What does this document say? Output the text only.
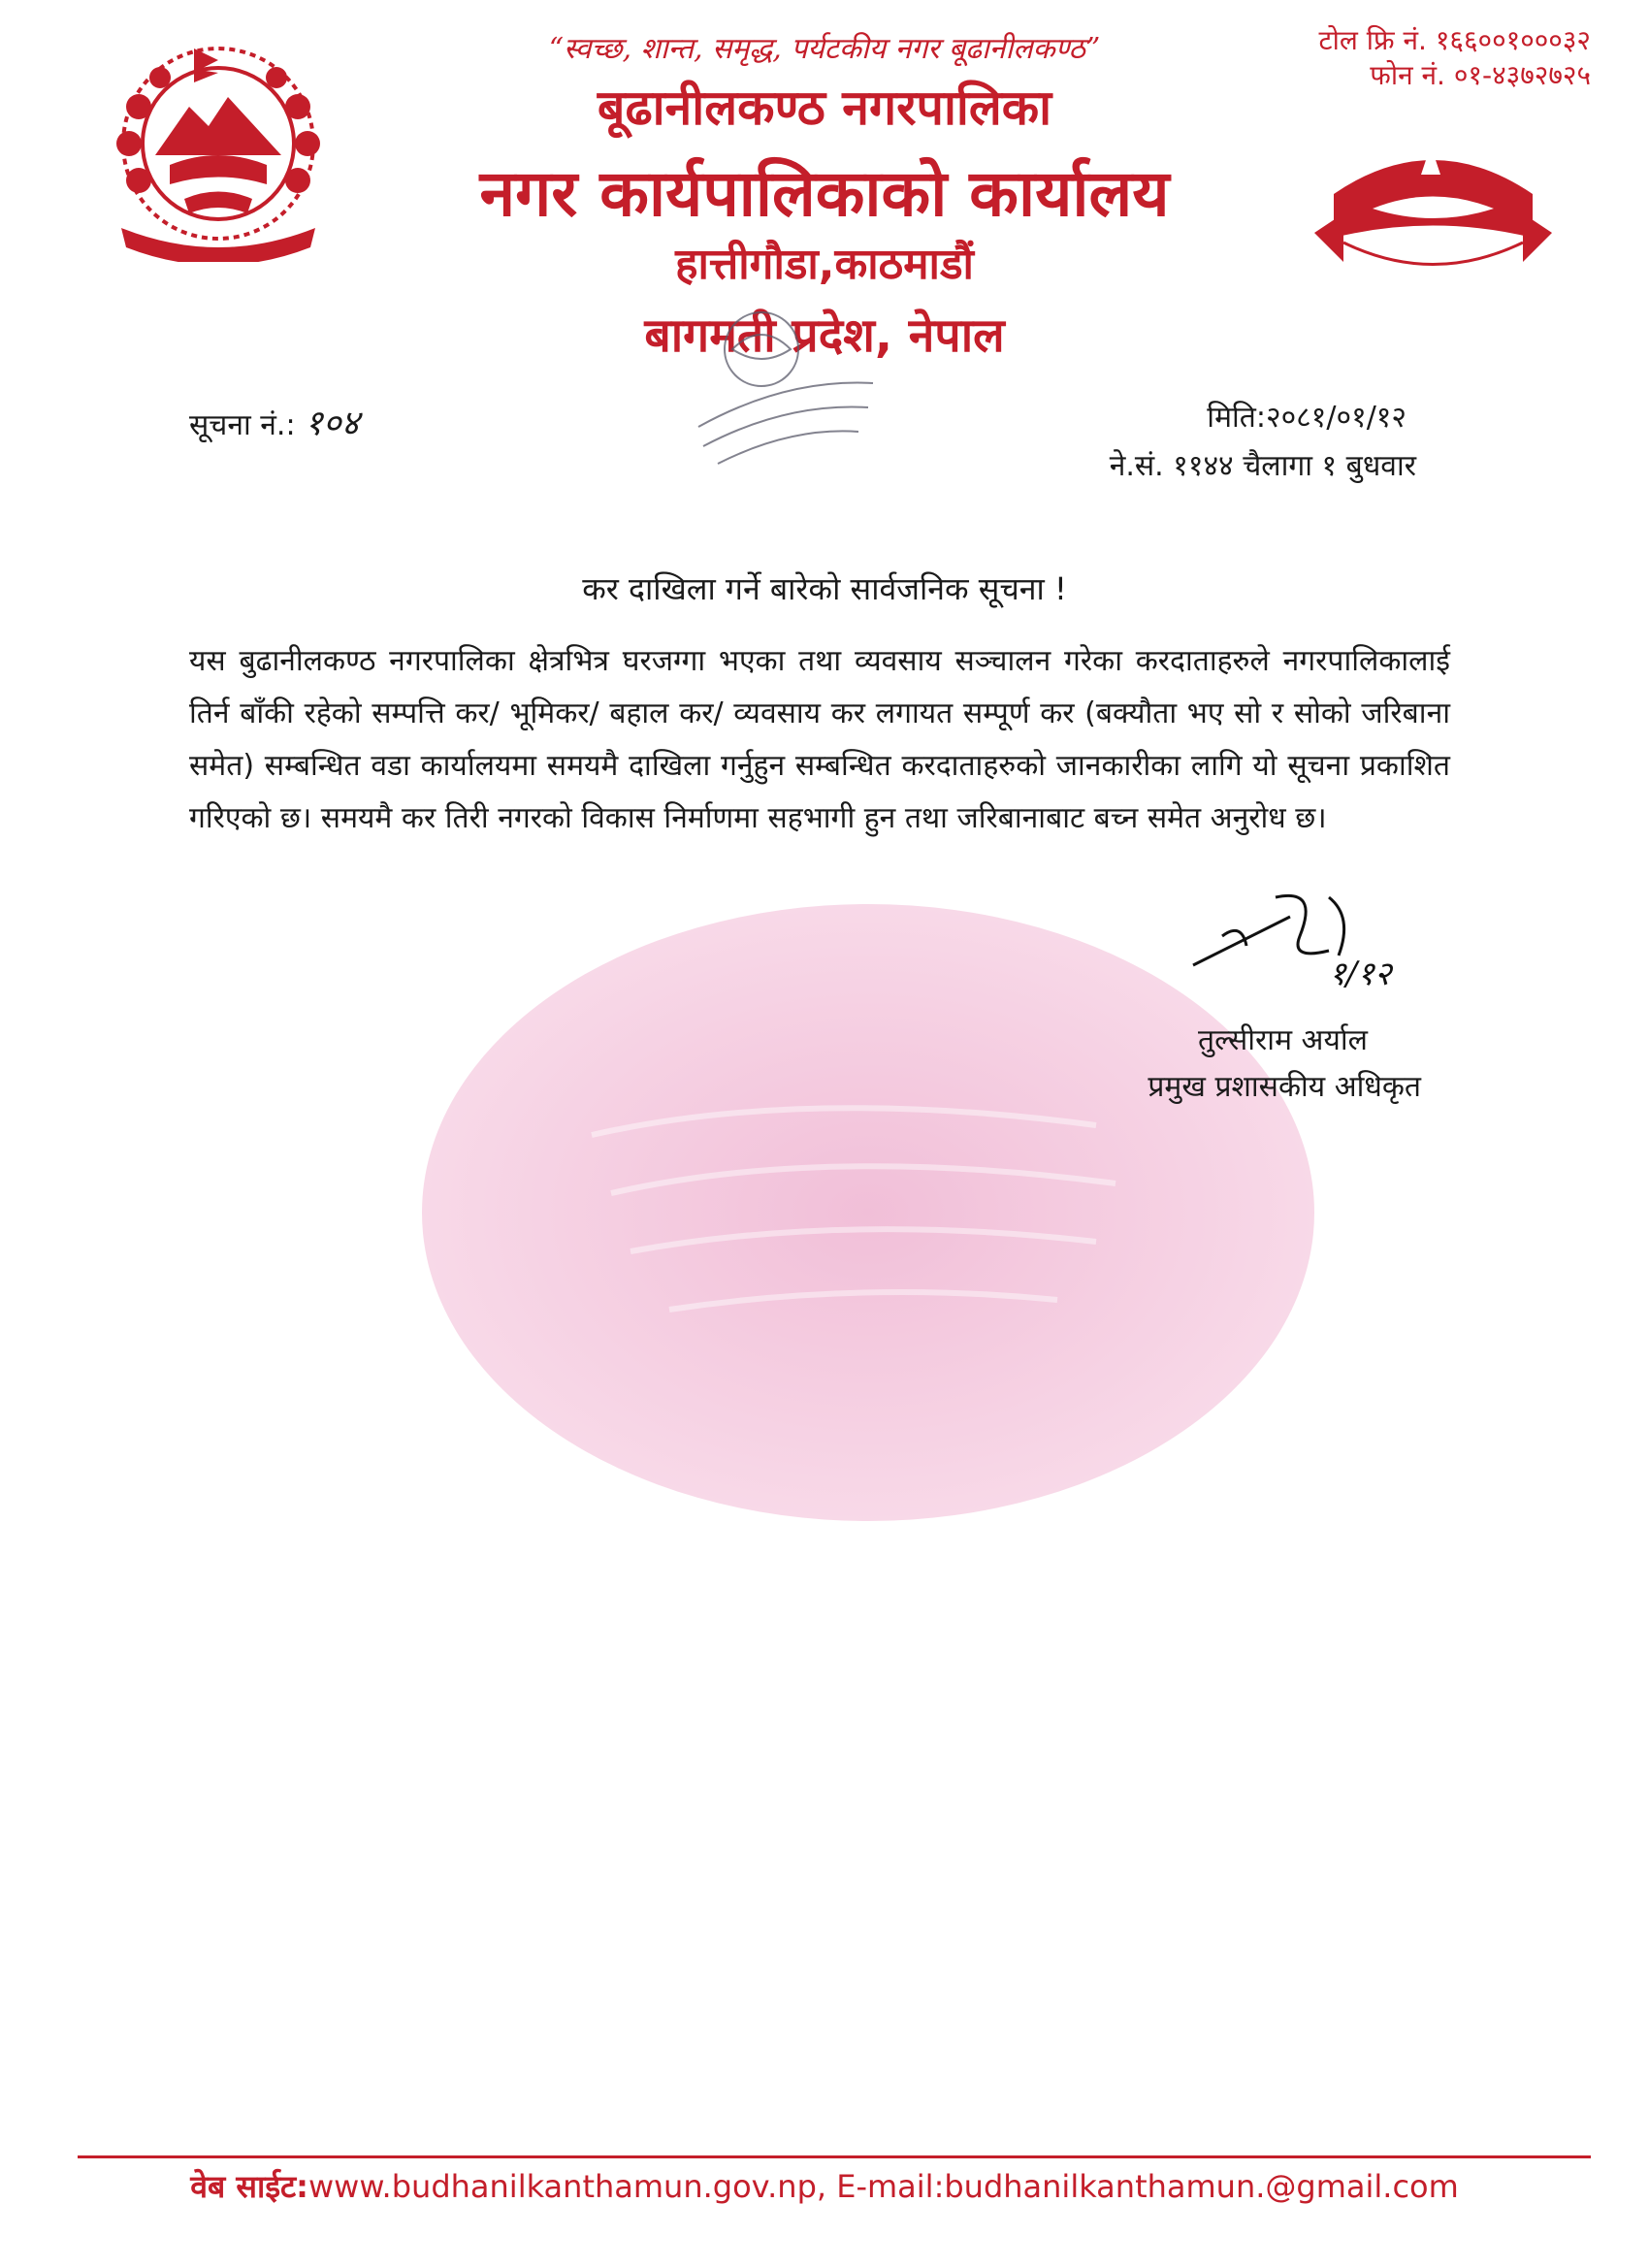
“स्वच्छ, शान्त, समृद्ध, पर्यटकीय नगर बूढानीलकण्ठ”
बूढानीलकण्ठ नगरपालिका
नगर कार्यपालिकाको कार्यालय
हात्तीगौडा,काठमाडौं
बागमती प्रदेश, नेपाल
टोल फ्रि नं. १६६००१०००३२
फोन नं. ०१-४३७२७२५
सूचना नं.: १०४	मिति:२०८१/०१/१२
ने.सं. ११४४ चैलागा १ बुधवार
कर दाखिला गर्ने बारेको सार्वजनिक सूचना !
यस बुढानीलकण्ठ नगरपालिका क्षेत्रभित्र घरजग्गा भएका तथा व्यवसाय सञ्चालन गरेका करदाताहरुले नगरपालिकालाई तिर्न बाँकी रहेको सम्पत्ति कर/ भूमिकर/ बहाल कर/ व्यवसाय कर लगायत सम्पूर्ण कर (बक्यौता भए सो र सोको जरिबाना समेत) सम्बन्धित वडा कार्यालयमा समयमै दाखिला गर्नुहुन सम्बन्धित करदाताहरुको जानकारीका लागि यो सूचना प्रकाशित गरिएको छ। समयमै कर तिरी नगरको विकास निर्माणमा सहभागी हुन तथा जरिबानाबाट बच्न समेत अनुरोध छ।
१/१२
तुल्सीराम अर्याल
प्रमुख प्रशासकीय अधिकृत
वेब साईट:www.budhanilkanthamun.gov.np, E-mail:budhanilkanthamun.@gmail.com
